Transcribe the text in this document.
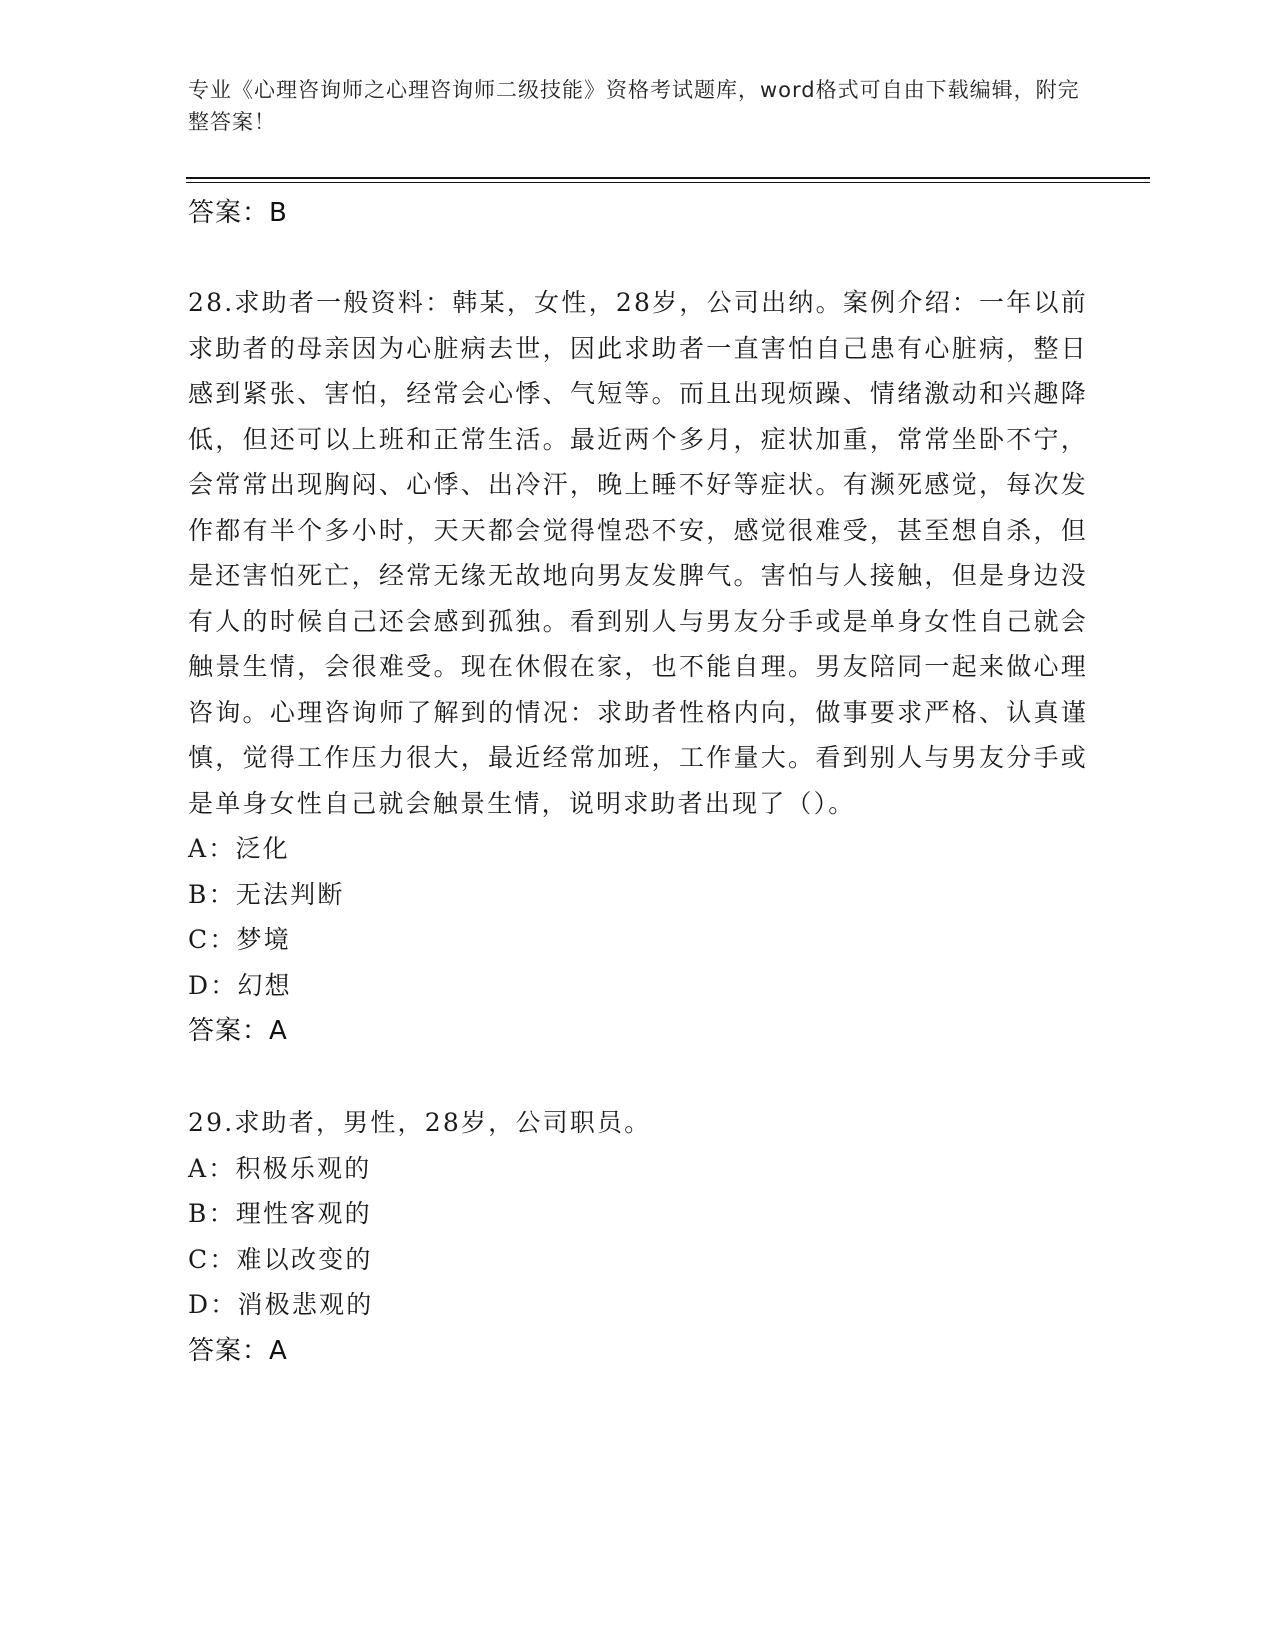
专业《心理咨询师之心理咨询师二级技能》资格考试题库，word格式可自由下载编辑，附完整答案！
答案：B
28.求助者一般资料：韩某，女性，28岁，公司出纳。案例介绍：一年以前求助者的母亲因为心脏病去世，因此求助者一直害怕自己患有心脏病，整日感到紧张、害怕，经常会心悸、气短等。而且出现烦躁、情绪激动和兴趣降低，但还可以上班和正常生活。最近两个多月，症状加重，常常坐卧不宁，会常常出现胸闷、心悸、出冷汗，晚上睡不好等症状。有濒死感觉，每次发作都有半个多小时，天天都会觉得惶恐不安，感觉很难受，甚至想自杀，但是还害怕死亡，经常无缘无故地向男友发脾气。害怕与人接触，但是身边没有人的时候自己还会感到孤独。看到别人与男友分手或是单身女性自己就会触景生情，会很难受。现在休假在家，也不能自理。男友陪同一起来做心理咨询。心理咨询师了解到的情况：求助者性格内向，做事要求严格、认真谨慎，觉得工作压力很大，最近经常加班，工作量大。看到别人与男友分手或是单身女性自己就会触景生情，说明求助者出现了（）。
A：泛化
B：无法判断
C：梦境
D：幻想
答案：A
29.求助者，男性，28岁，公司职员。
A：积极乐观的
B：理性客观的
C：难以改变的
D：消极悲观的
答案：A
